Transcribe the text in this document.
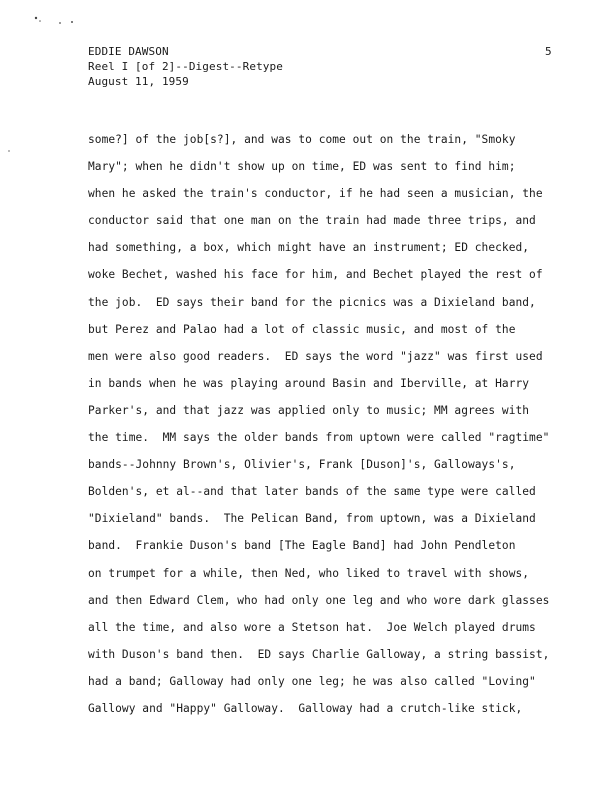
EDDIE DAWSON
Reel I [of 2]--Digest--Retype
August 11, 1959
5
some?] of the job[s?], and was to come out on the train, "Smoky
Mary"; when he didn't show up on time, ED was sent to find him;
when he asked the train's conductor, if he had seen a musician, the
conductor said that one man on the train had made three trips, and
had something, a box, which might have an instrument; ED checked,
woke Bechet, washed his face for him, and Bechet played the rest of
the job.  ED says their band for the picnics was a Dixieland band,
but Perez and Palao had a lot of classic music, and most of the
men were also good readers.  ED says the word "jazz" was first used
in bands when he was playing around Basin and Iberville, at Harry
Parker's, and that jazz was applied only to music; MM agrees with
the time.  MM says the older bands from uptown were called "ragtime"
bands--Johnny Brown's, Olivier's, Frank [Duson]'s, Galloways's,
Bolden's, et al--and that later bands of the same type were called
"Dixieland" bands.  The Pelican Band, from uptown, was a Dixieland
band.  Frankie Duson's band [The Eagle Band] had John Pendleton
on trumpet for a while, then Ned, who liked to travel with shows,
and then Edward Clem, who had only one leg and who wore dark glasses
all the time, and also wore a Stetson hat.  Joe Welch played drums
with Duson's band then.  ED says Charlie Galloway, a string bassist,
had a band; Galloway had only one leg; he was also called "Loving"
Gallowy and "Happy" Galloway.  Galloway had a crutch-like stick,
